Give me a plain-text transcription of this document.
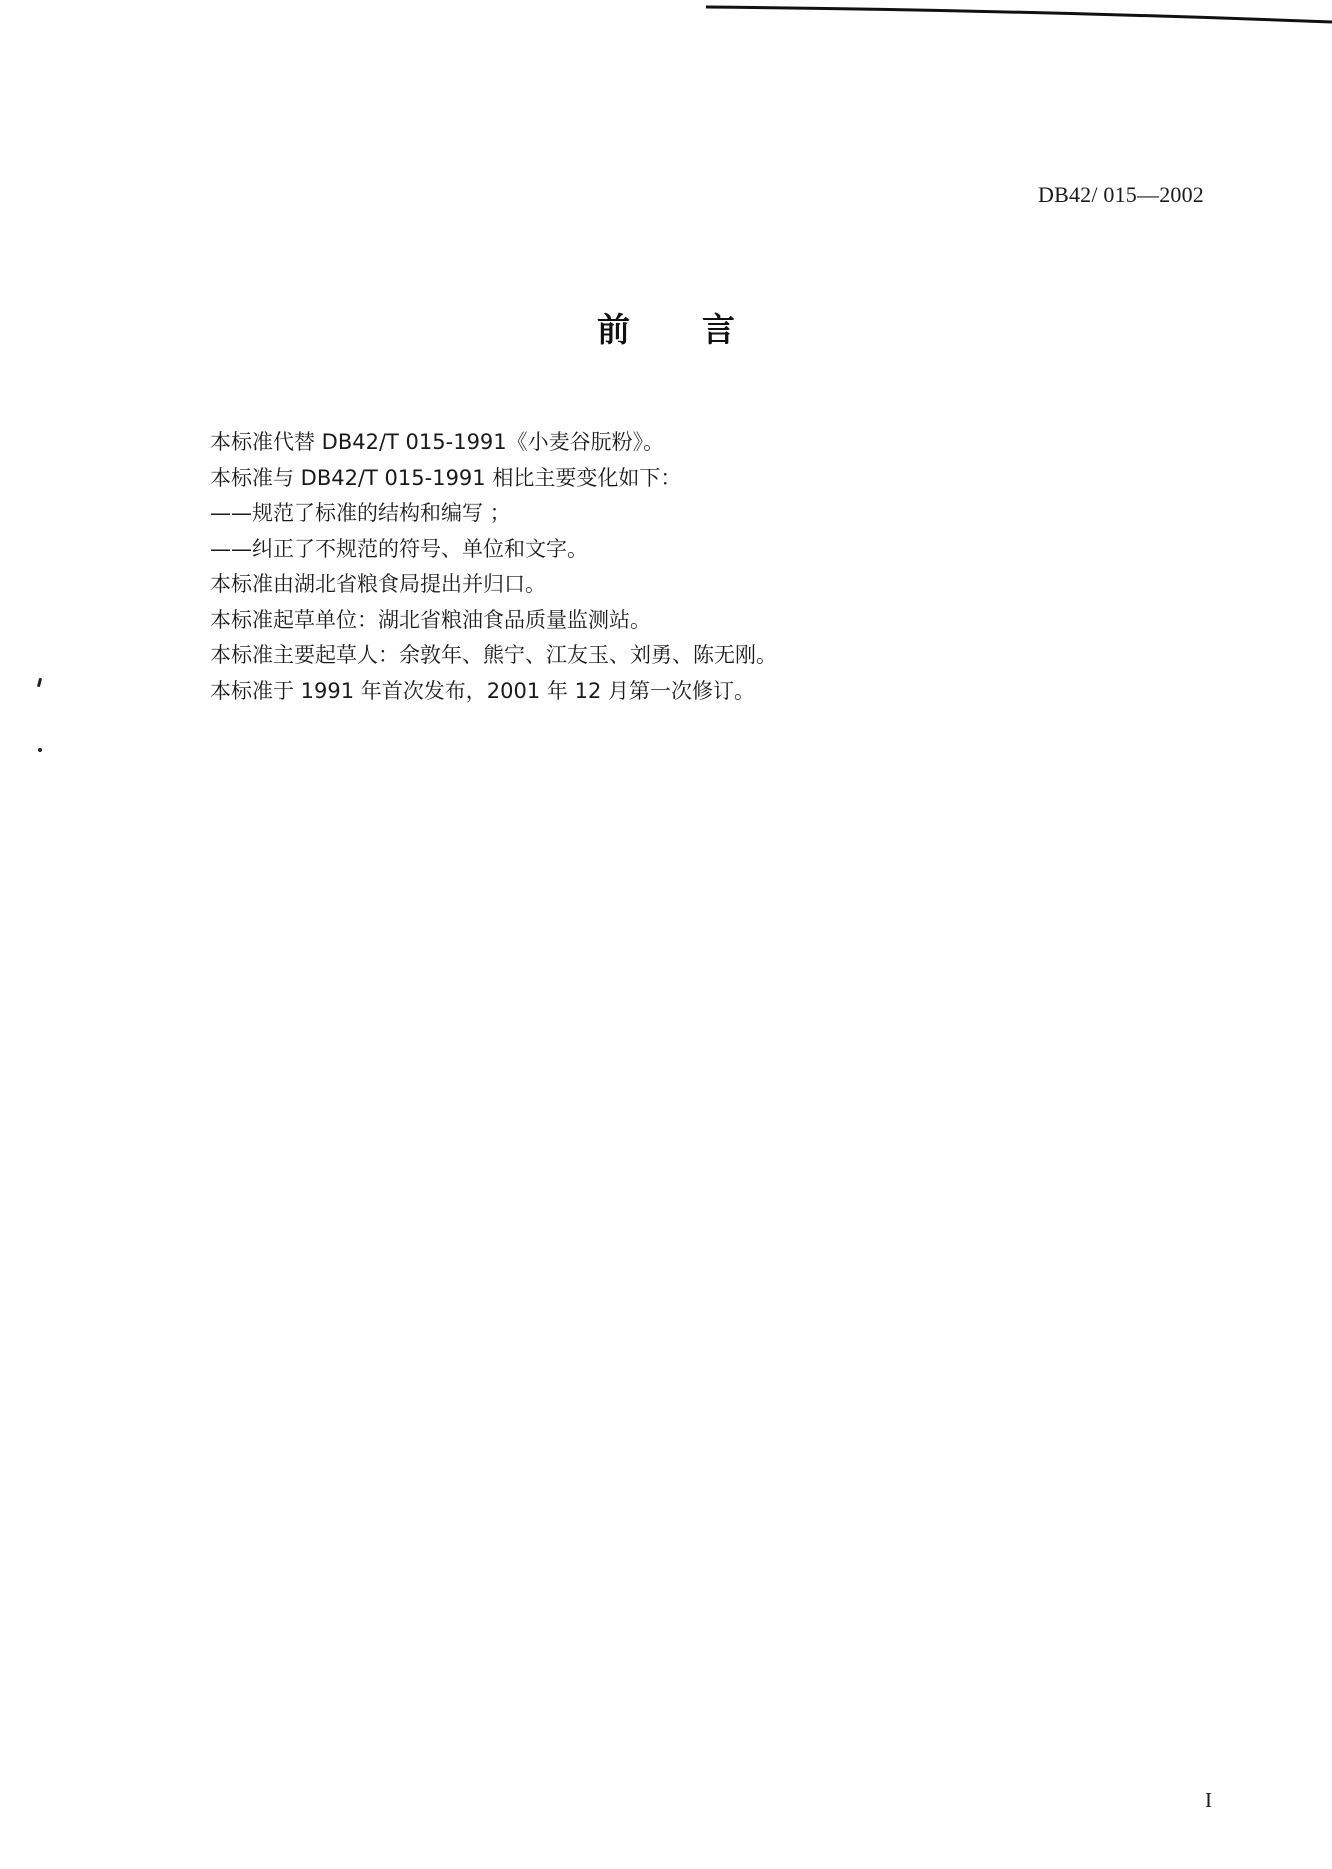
DB42/ 015—2002
前言
本标准代替 DB42/T 015-1991《小麦谷朊粉》。
本标准与 DB42/T 015-1991 相比主要变化如下：
——规范了标准的结构和编写 ；
——纠正了不规范的符号、单位和文字。
本标准由湖北省粮食局提出并归口。
本标准起草单位：湖北省粮油食品质量监测站。
本标准主要起草人：余敦年、熊宁、江友玉、刘勇、陈无刚。
本标准于 1991 年首次发布，2001 年 12 月第一次修订。
I
